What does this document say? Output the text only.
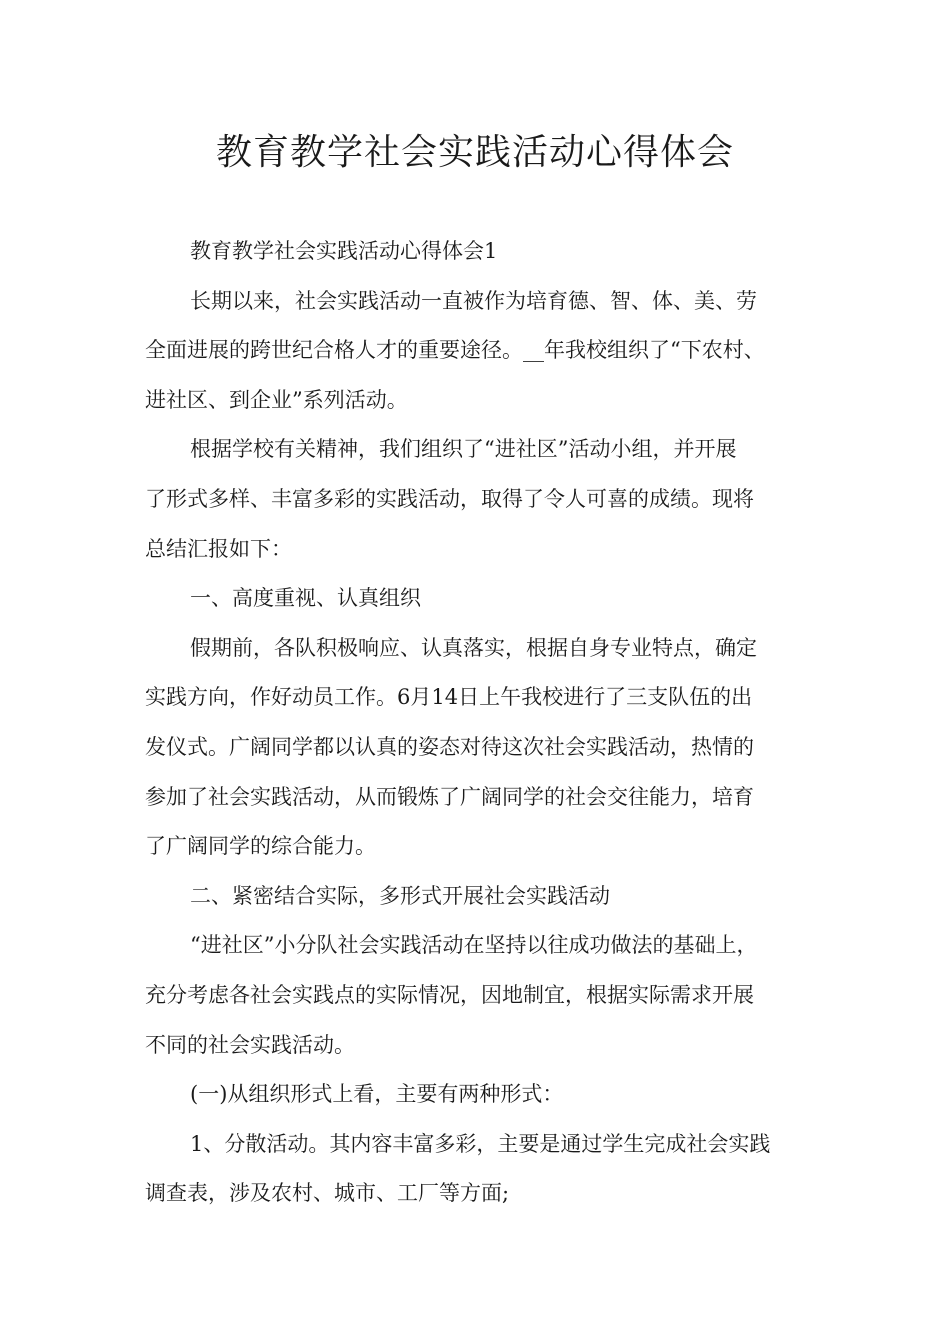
教育教学社会实践活动心得体会

教育教学社会实践活动心得体会1

长期以来，社会实践活动一直被作为培育德、智、体、美、劳
全面进展的跨世纪合格人才的重要途径。__年我校组织了“下农村、
进社区、到企业”系列活动。

根据学校有关精神，我们组织了“进社区”活动小组，并开展
了形式多样、丰富多彩的实践活动，取得了令人可喜的成绩。现将
总结汇报如下：

一、高度重视、认真组织

假期前，各队积极响应、认真落实，根据自身专业特点，确定
实践方向，作好动员工作。6月14日上午我校进行了三支队伍的出
发仪式。广阔同学都以认真的姿态对待这次社会实践活动，热情的
参加了社会实践活动，从而锻炼了广阔同学的社会交往能力，培育
了广阔同学的综合能力。

二、紧密结合实际，多形式开展社会实践活动

“进社区”小分队社会实践活动在坚持以往成功做法的基础上，
充分考虑各社会实践点的实际情况，因地制宜，根据实际需求开展
不同的社会实践活动。

(一)从组织形式上看，主要有两种形式：

1、分散活动。其内容丰富多彩，主要是通过学生完成社会实践
调查表，涉及农村、城市、工厂等方面;
